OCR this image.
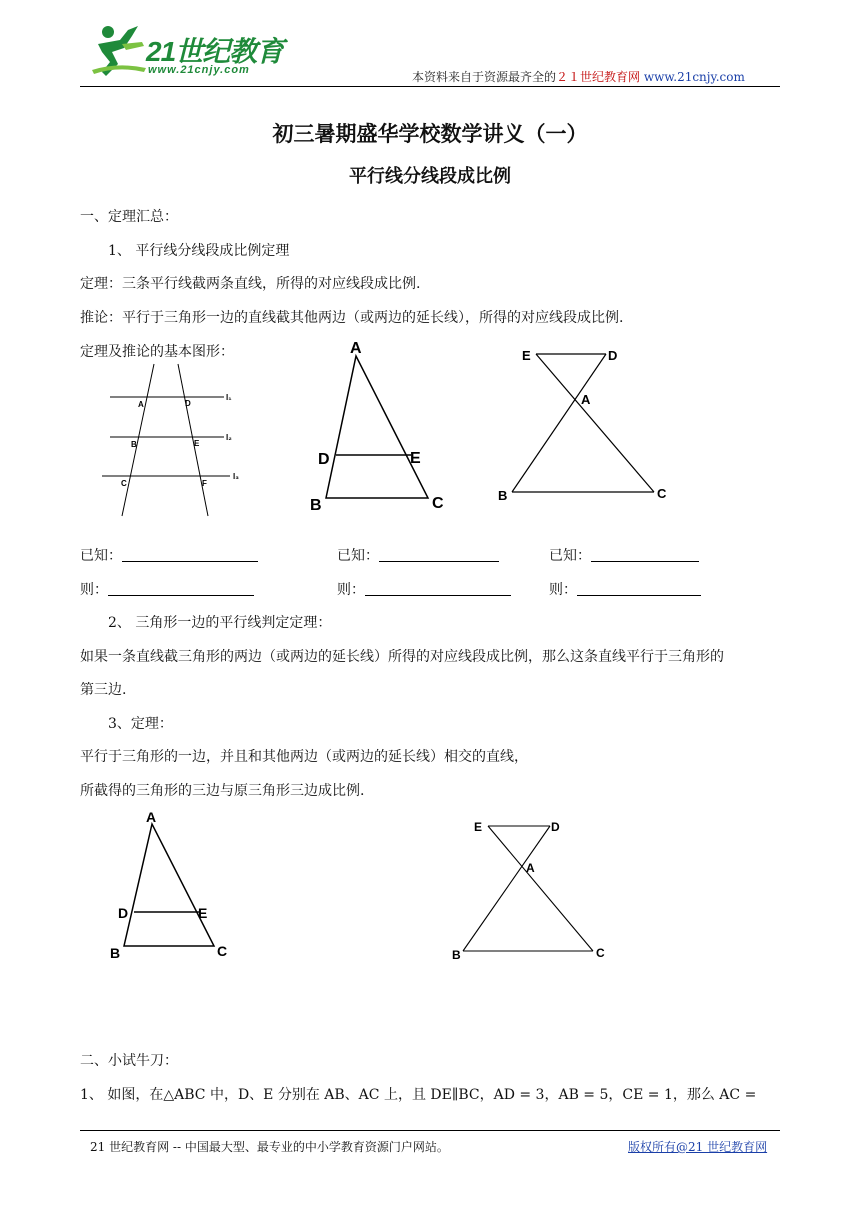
21世纪教育
www.21cnjy.com	本资料来自于资源最齐全的２１世纪教育网 www.21cnjy.com
初三暑期盛华学校数学讲义（一）
平行线分线段成比例
一、定理汇总：
1、 平行线分线段成比例定理
定理：三条平行线截两条直线，所得的对应线段成比例.
推论：平行于三角形一边的直线截其他两边（或两边的延长线），所得的对应线段成比例.
定理及推论的基本图形：
A	D
B	E
C	F
l₁
l₂
l₃
A
D	E
B	C
E	D
A
B	C
已知：	已知：	已知：
则：	则：	则：
2、 三角形一边的平行线判定定理：
如果一条直线截三角形的两边（或两边的延长线）所得的对应线段成比例，那么这条直线平行于三角形的
第三边.
3、定理：
平行于三角形的一边，并且和其他两边（或两边的延长线）相交的直线，
所截得的三角形的三边与原三角形三边成比例.
A
D	E
B	C
E	D
A
B	C
二、小试牛刀：
1、 如图，在△ABC 中，D、E 分别在 AB、AC 上，且 DE∥BC，AD = 3，AB = 5，CE = 1，那么 AC =
21 世纪教育网 -- 中国最大型、最专业的中小学教育资源门户网站。	版权所有@21 世纪教育网
